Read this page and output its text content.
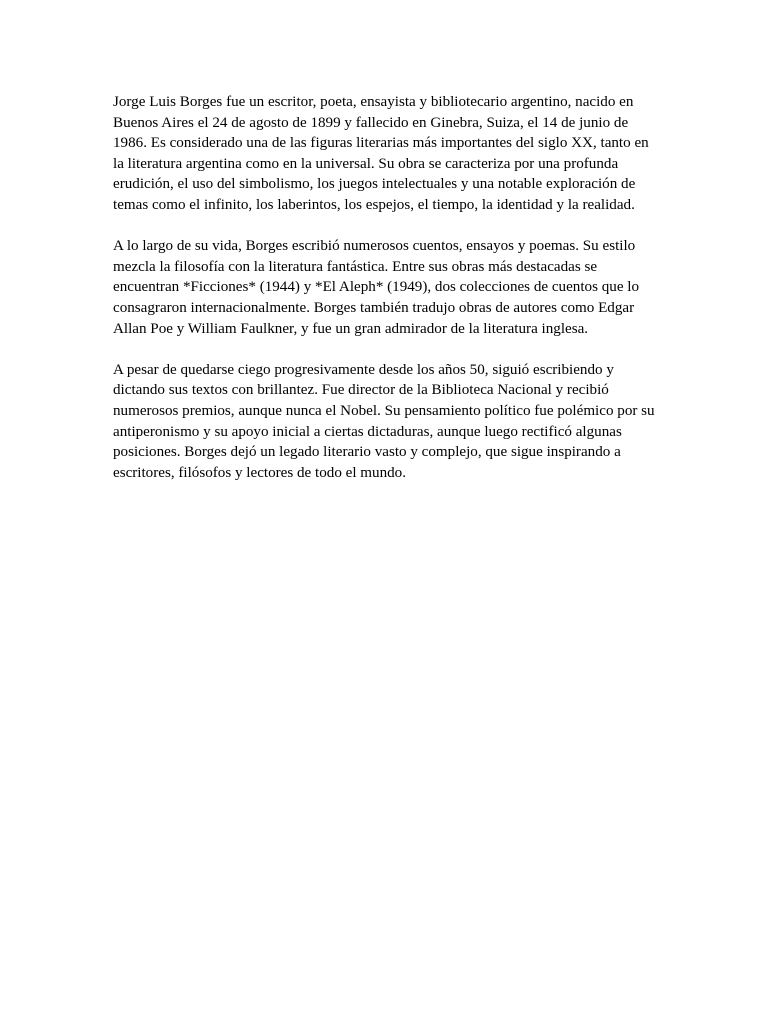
Jorge Luis Borges fue un escritor, poeta, ensayista y bibliotecario argentino, nacido en Buenos Aires el 24 de agosto de 1899 y fallecido en Ginebra, Suiza, el 14 de junio de 1986. Es considerado una de las figuras literarias más importantes del siglo XX, tanto en la literatura argentina como en la universal. Su obra se caracteriza por una profunda erudición, el uso del simbolismo, los juegos intelectuales y una notable exploración de temas como el infinito, los laberintos, los espejos, el tiempo, la identidad y la realidad.

A lo largo de su vida, Borges escribió numerosos cuentos, ensayos y poemas. Su estilo mezcla la filosofía con la literatura fantástica. Entre sus obras más destacadas se encuentran *Ficciones* (1944) y *El Aleph* (1949), dos colecciones de cuentos que lo consagraron internacionalmente. Borges también tradujo obras de autores como Edgar Allan Poe y William Faulkner, y fue un gran admirador de la literatura inglesa.

A pesar de quedarse ciego progresivamente desde los años 50, siguió escribiendo y dictando sus textos con brillantez. Fue director de la Biblioteca Nacional y recibió numerosos premios, aunque nunca el Nobel. Su pensamiento político fue polémico por su antiperonismo y su apoyo inicial a ciertas dictaduras, aunque luego rectificó algunas posiciones. Borges dejó un legado literario vasto y complejo, que sigue inspirando a escritores, filósofos y lectores de todo el mundo.
